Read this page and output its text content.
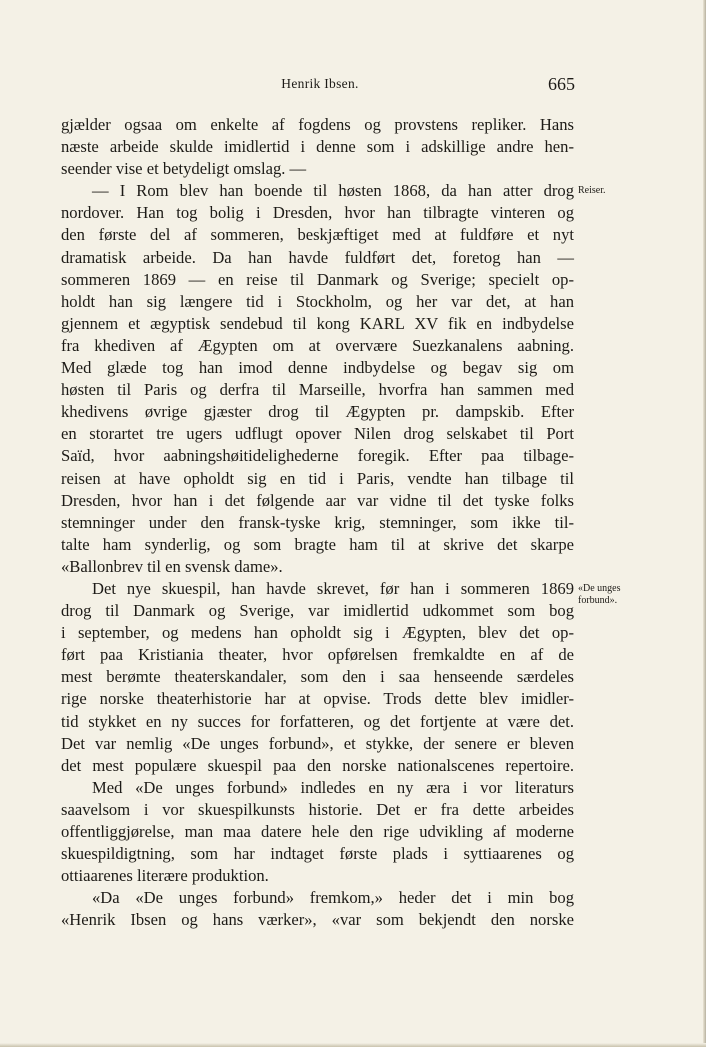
Henrik Ibsen.	665
gjælder ogsaa om enkelte af fogdens og provstens repliker. Hans
næste arbeide skulde imidlertid i denne som i adskillige andre hen-
seender vise et betydeligt omslag. —
— I Rom blev han boende til høsten 1868, da han atter drog
nordover. Han tog bolig i Dresden, hvor han tilbragte vinteren og
den første del af sommeren, beskjæftiget med at fuldføre et nyt
dramatisk arbeide. Da han havde fuldført det, foretog han —
sommeren 1869 — en reise til Danmark og Sverige; specielt op-
holdt han sig længere tid i Stockholm, og her var det, at han
gjennem et ægyptisk sendebud til kong KARL XV fik en indbydelse
fra khediven af Ægypten om at overvære Suezkanalens aabning.
Med glæde tog han imod denne indbydelse og begav sig om
høsten til Paris og derfra til Marseille, hvorfra han sammen med
khedivens øvrige gjæster drog til Ægypten pr. dampskib. Efter
en storartet tre ugers udflugt opover Nilen drog selskabet til Port
Saïd, hvor aabningshøitidelighederne foregik. Efter paa tilbage-
reisen at have opholdt sig en tid i Paris, vendte han tilbage til
Dresden, hvor han i det følgende aar var vidne til det tyske folks
stemninger under den fransk-tyske krig, stemninger, som ikke til-
talte ham synderlig, og som bragte ham til at skrive det skarpe
«Ballonbrev til en svensk dame».
Det nye skuespil, han havde skrevet, før han i sommeren 1869
drog til Danmark og Sverige, var imidlertid udkommet som bog
i september, og medens han opholdt sig i Ægypten, blev det op-
ført paa Kristiania theater, hvor opførelsen fremkaldte en af de
mest berømte theaterskandaler, som den i saa henseende særdeles
rige norske theaterhistorie har at opvise. Trods dette blev imidler-
tid stykket en ny succes for forfatteren, og det fortjente at være det.
Det var nemlig «De unges forbund», et stykke, der senere er bleven
det mest populære skuespil paa den norske nationalscenes repertoire.
Med «De unges forbund» indledes en ny æra i vor literaturs
saavelsom i vor skuespilkunsts historie. Det er fra dette arbeides
offentliggjørelse, man maa datere hele den rige udvikling af moderne
skuespildigtning, som har indtaget første plads i syttiaarenes og
ottiaarenes literære produktion.
«Da «De unges forbund» fremkom,» heder det i min bog
«Henrik Ibsen og hans værker», «var som bekjendt den norske
Reiser.
«De unges
forbund».
